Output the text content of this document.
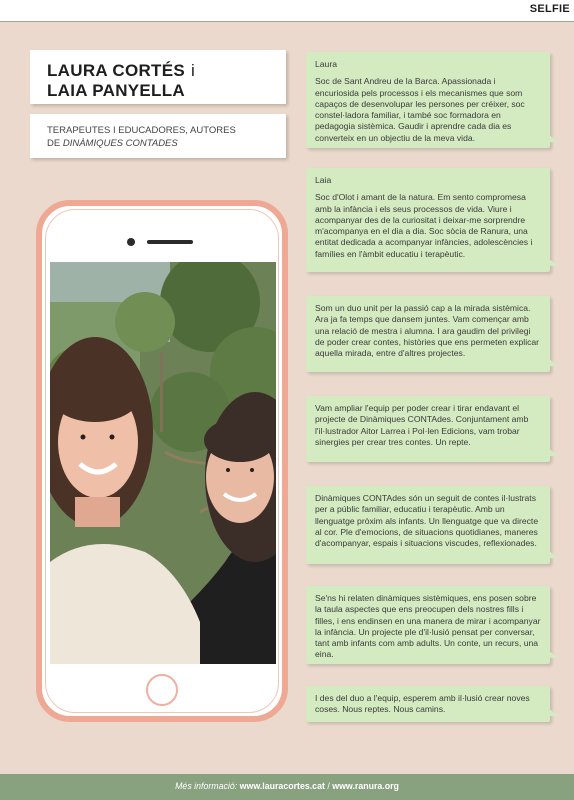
SELFIE
LAURA CORTÉS i
LAIA PANYELLA
TERAPEUTES I EDUCADORES, AUTORES
DE DINÀMIQUES CONTADES
Laura
Soc de Sant Andreu de la Barca. Apassionada i encuriosida pels processos i els mecanismes que som capaços de desenvolupar les persones per créixer, soc constel·ladora familiar, i també soc formadora en pedagogia sistèmica. Gaudir i aprendre cada dia es converteix en un objectiu de la meva vida.
Laia
Soc d'Olot i amant de la natura. Em sento compromesa amb la infància i els seus processos de vida. Viure i acompanyar des de la curiositat i deixar-me sorprendre m'acompanya en el dia a dia. Soc sòcia de Ranura, una entitat dedicada a acompanyar infàncies, adolescències i famílies en l'àmbit educatiu i terapèutic.
Som un duo unit per la passió cap a la mirada sistèmica. Ara ja fa temps que dansem juntes. Vam començar amb una relació de mestra i alumna. I ara gaudim del privilegi de poder crear contes, històries que ens permeten explicar aquella mirada, entre d'altres projectes.
Vam ampliar l'equip per poder crear i tirar endavant el projecte de Dinàmiques CONTAdes. Conjuntament amb l'il·lustrador Aitor Larrea i Pol·len Edicions, vam trobar sinergies per crear tres contes. Un repte.
Dinàmiques CONTAdes són un seguit de contes il·lustrats per a públic familiar, educatiu i terapèutic. Amb un llenguatge pròxim als infants. Un llenguatge que va directe al cor. Ple d'emocions, de situacions quotidianes, maneres d'acompanyar, espais i situacions viscudes, reflexionades.
Se'ns hi relaten dinàmiques sistèmiques, ens posen sobre la taula aspectes que ens preocupen dels nostres fills i filles, i ens endinsen en una manera de mirar i acompanyar la infància. Un projecte ple d'il·lusió pensat per conversar, tant amb infants com amb adults. Un conte, un recurs, una eina.
I des del duo a l'equip, esperem amb il·lusió crear noves coses. Nous reptes. Nous camins.
Més informació: www.lauracortes.cat / www.ranura.org
